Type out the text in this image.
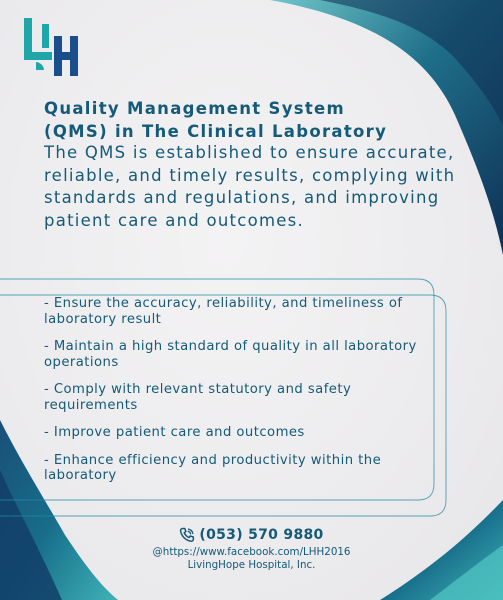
Quality Management System
(QMS) in The Clinical Laboratory

The QMS is established to ensure accurate, reliable, and timely results, complying with standards and regulations, and improving patient care and outcomes.

- Ensure the accuracy, reliability, and timeliness of laboratory result
- Maintain a high standard of quality in all laboratory operations
- Comply with relevant statutory and safety requirements
- Improve patient care and outcomes
- Enhance efficiency and productivity within the laboratory
(053) 570 9880
@https://www.facebook.com/LHH2016
LivingHope Hospital, Inc.
